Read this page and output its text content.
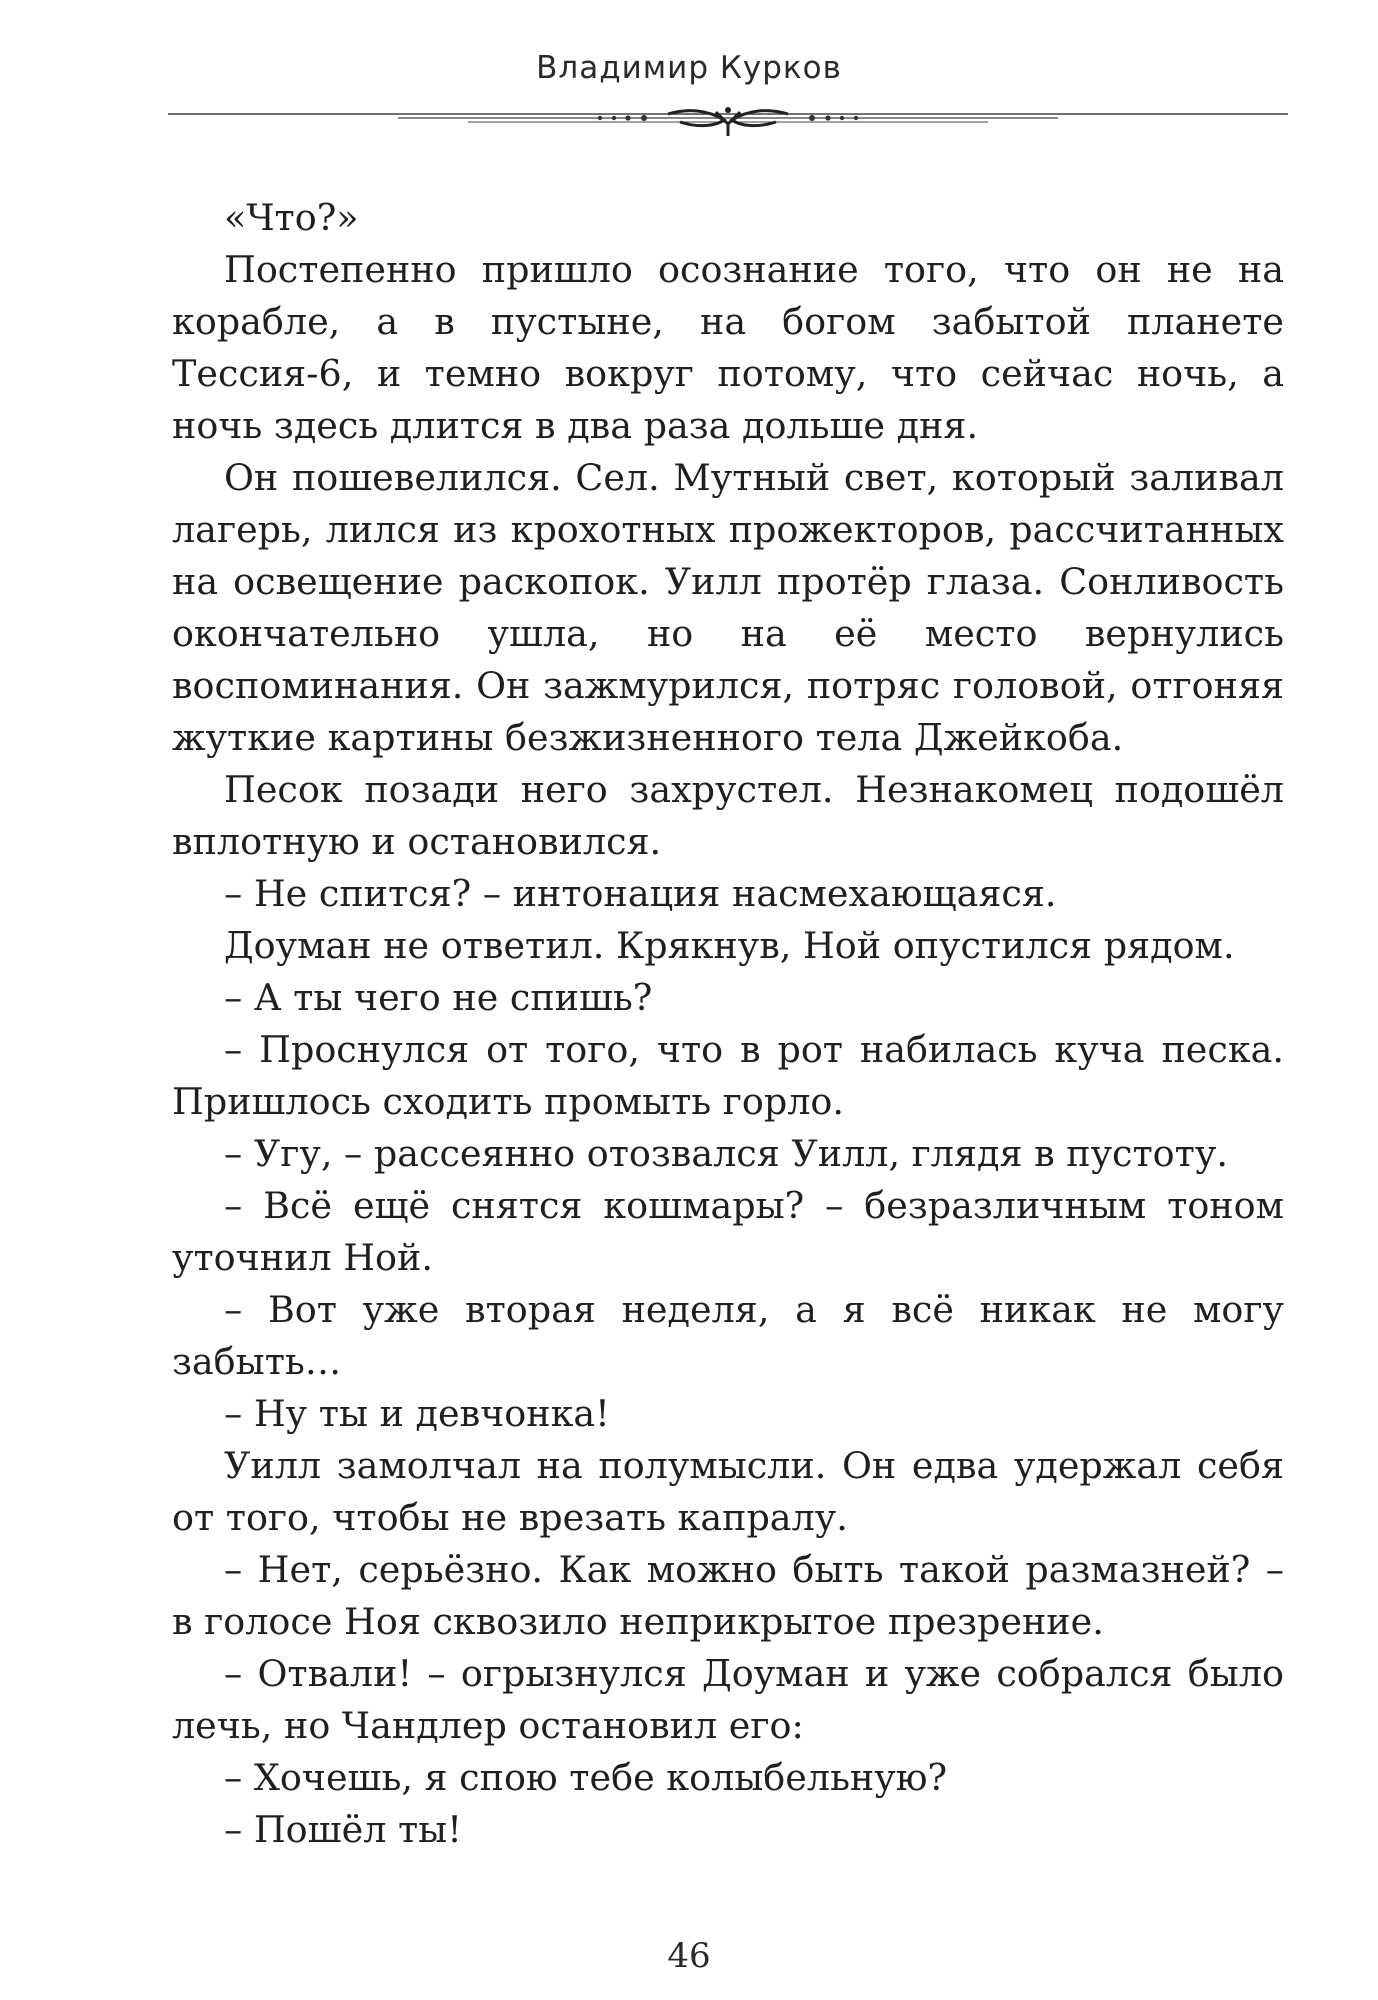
Владимир Курков

«Что?»

Постепенно пришло осознание того, что он не на корабле, а в пустыне, на богом забытой планете Тессия-6, и темно вокруг потому, что сейчас ночь, а ночь здесь длится в два раза дольше дня.

Он пошевелился. Сел. Мутный свет, который заливал лагерь, лился из крохотных прожекторов, рассчитанных на освещение раскопок. Уилл протёр глаза. Сонливость окончательно ушла, но на её место вернулись воспоминания. Он зажмурился, потряс головой, отгоняя жуткие картины безжизненного тела Джейкоба.

Песок позади него захрустел. Незнакомец подошёл вплотную и остановился.

– Не спится? – интонация насмехающаяся.

Доуман не ответил. Крякнув, Ной опустился рядом.

– А ты чего не спишь?

– Проснулся от того, что в рот набилась куча песка. Пришлось сходить промыть горло.

– Угу, – рассеянно отозвался Уилл, глядя в пустоту.

– Всё ещё снятся кошмары? – безразличным тоном уточнил Ной.

– Вот уже вторая неделя, а я всё никак не могу забыть…

– Ну ты и девчонка!

Уилл замолчал на полумысли. Он едва удержал себя от того, чтобы не врезать капралу.

– Нет, серьёзно. Как можно быть такой размазней? – в голосе Ноя сквозило неприкрытое презрение.

– Отвали! – огрызнулся Доуман и уже собрался было лечь, но Чандлер остановил его:

– Хочешь, я спою тебе колыбельную?

– Пошёл ты!

46
